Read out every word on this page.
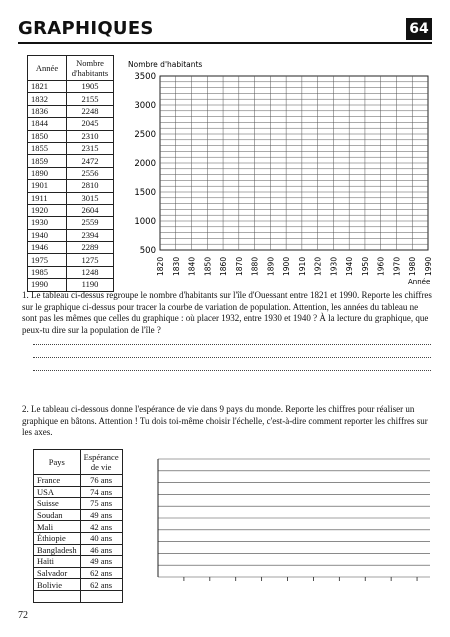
GRAPHIQUES	64
Année	Nombre d'habitants
1821	1905
1832	2155
1836	2248
1844	2045
1850	2310
1855	2315
1859	2472
1890	2556
1901	2810
1911	3015
1920	2604
1930	2559
1940	2394
1946	2289
1975	1275
1985	1248
1990	1190
3500
3000
2500
2000
1500
1000
500
1820 1830 1840 1850 1860 1870 1880 1890 1900 1910 1920 1930 1940 1950 1960 1970 1980 1990
Nombre d'habitants
Année
1. Le tableau ci-dessus regroupe le nombre d'habitants sur l'île d'Ouessant entre 1821 et 1990. Reporte les chiffres sur le graphique ci-dessus pour tracer la courbe de variation de population. Attention, les années du tableau ne sont pas les mêmes que celles du graphique : où placer 1932, entre 1930 et 1940 ? À la lecture du graphique, que peux-tu dire sur la population de l'île ?
2. Le tableau ci-dessous donne l'espérance de vie dans 9 pays du monde. Reporte les chiffres pour réaliser un graphique en bâtons. Attention ! Tu dois toi-même choisir l'échelle, c'est-à-dire comment reporter les chiffres sur les axes.
Pays	Espérance de vie
France	76 ans
USA	74 ans
Suisse	75 ans
Soudan	49 ans
Mali	42 ans
Éthiopie	40 ans
Bangladesh	46 ans
Haïti	49 ans
Salvador	62 ans
Bolivie	62 ans

72
